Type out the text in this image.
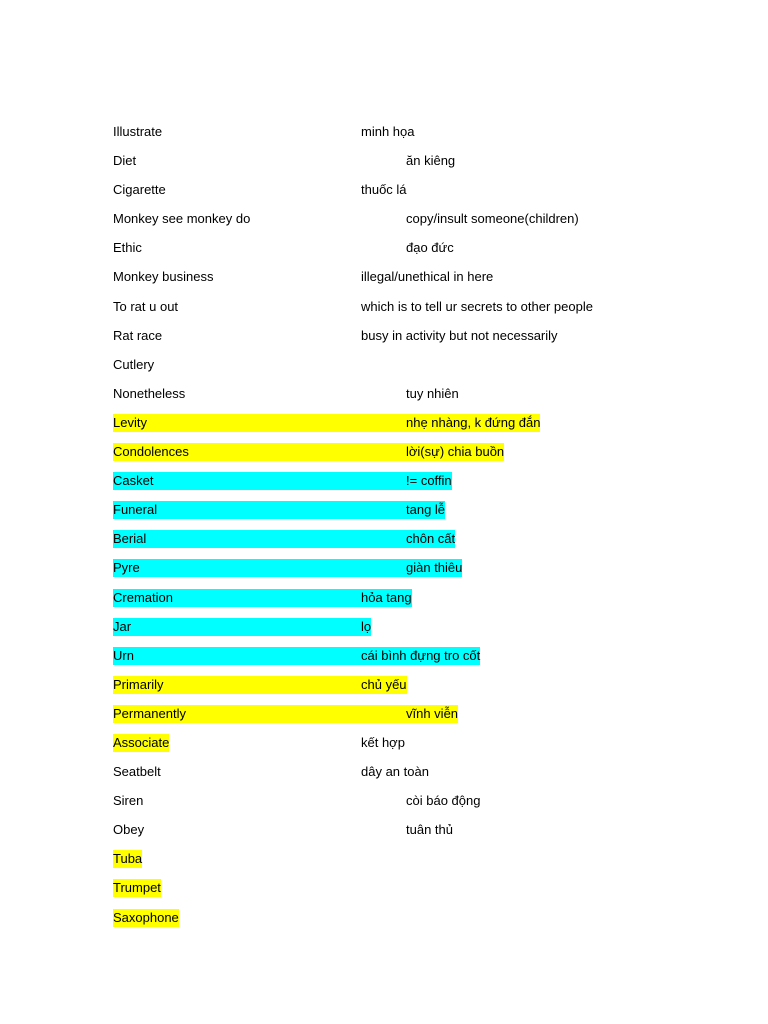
Illustrate	minh họa
Diet	ăn kiêng
Cigarette	thuốc lá
Monkey see monkey do	copy/insult someone(children)
Ethic	đạo đức
Monkey business	illegal/unethical in here
To rat u out	which is to tell ur secrets to other people
Rat race	busy in activity but not necessarily
Cutlery
Nonetheless	tuy nhiên
Levity	nhẹ nhàng, k đứng đắn
Condolences	lời(sự) chia buồn
Casket	!= coffin
Funeral	tang lễ
Berial	chôn cất
Pyre	giàn thiêu
Cremation	hỏa tang
Jar	lọ
Urn	cái bình đựng tro cốt
Primarily	chủ yếu
Permanently	vĩnh viễn
Associate	kết hợp
Seatbelt	dây an toàn
Siren	còi báo động
Obey	tuân thủ
Tuba
Trumpet
Saxophone
